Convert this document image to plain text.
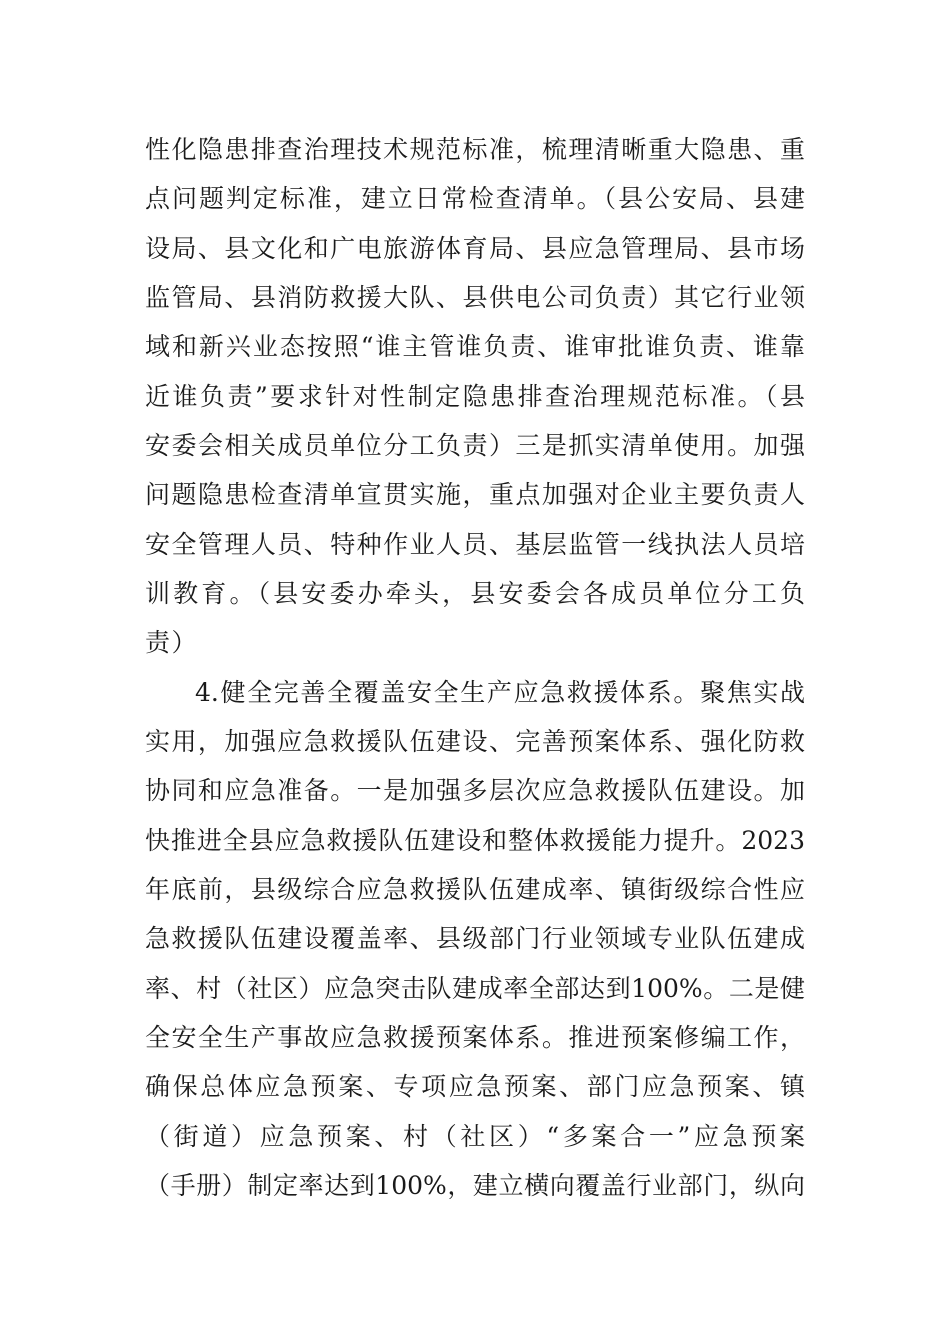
性化隐患排查治理技术规范标准，梳理清晰重大隐患、重
点问题判定标准，建立日常检查清单。（县公安局、县建
设局、县文化和广电旅游体育局、县应急管理局、县市场
监管局、县消防救援大队、县供电公司负责）其它行业领
域和新兴业态按照“谁主管谁负责、谁审批谁负责、谁靠
近谁负责”要求针对性制定隐患排查治理规范标准。（县
安委会相关成员单位分工负责）三是抓实清单使用。加强
问题隐患检查清单宣贯实施，重点加强对企业主要负责人
安全管理人员、特种作业人员、基层监管一线执法人员培
训教育。（县安委办牵头，县安委会各成员单位分工负
责）
4.健全完善全覆盖安全生产应急救援体系。聚焦实战
实用，加强应急救援队伍建设、完善预案体系、强化防救
协同和应急准备。一是加强多层次应急救援队伍建设。加
快推进全县应急救援队伍建设和整体救援能力提升。2023
年底前，县级综合应急救援队伍建成率、镇街级综合性应
急救援队伍建设覆盖率、县级部门行业领域专业队伍建成
率、村（社区）应急突击队建成率全部达到100%。二是健
全安全生产事故应急救援预案体系。推进预案修编工作，
确保总体应急预案、专项应急预案、部门应急预案、镇
（街道）应急预案、村（社区）“多案合一”应急预案
（手册）制定率达到100%，建立横向覆盖行业部门，纵向
